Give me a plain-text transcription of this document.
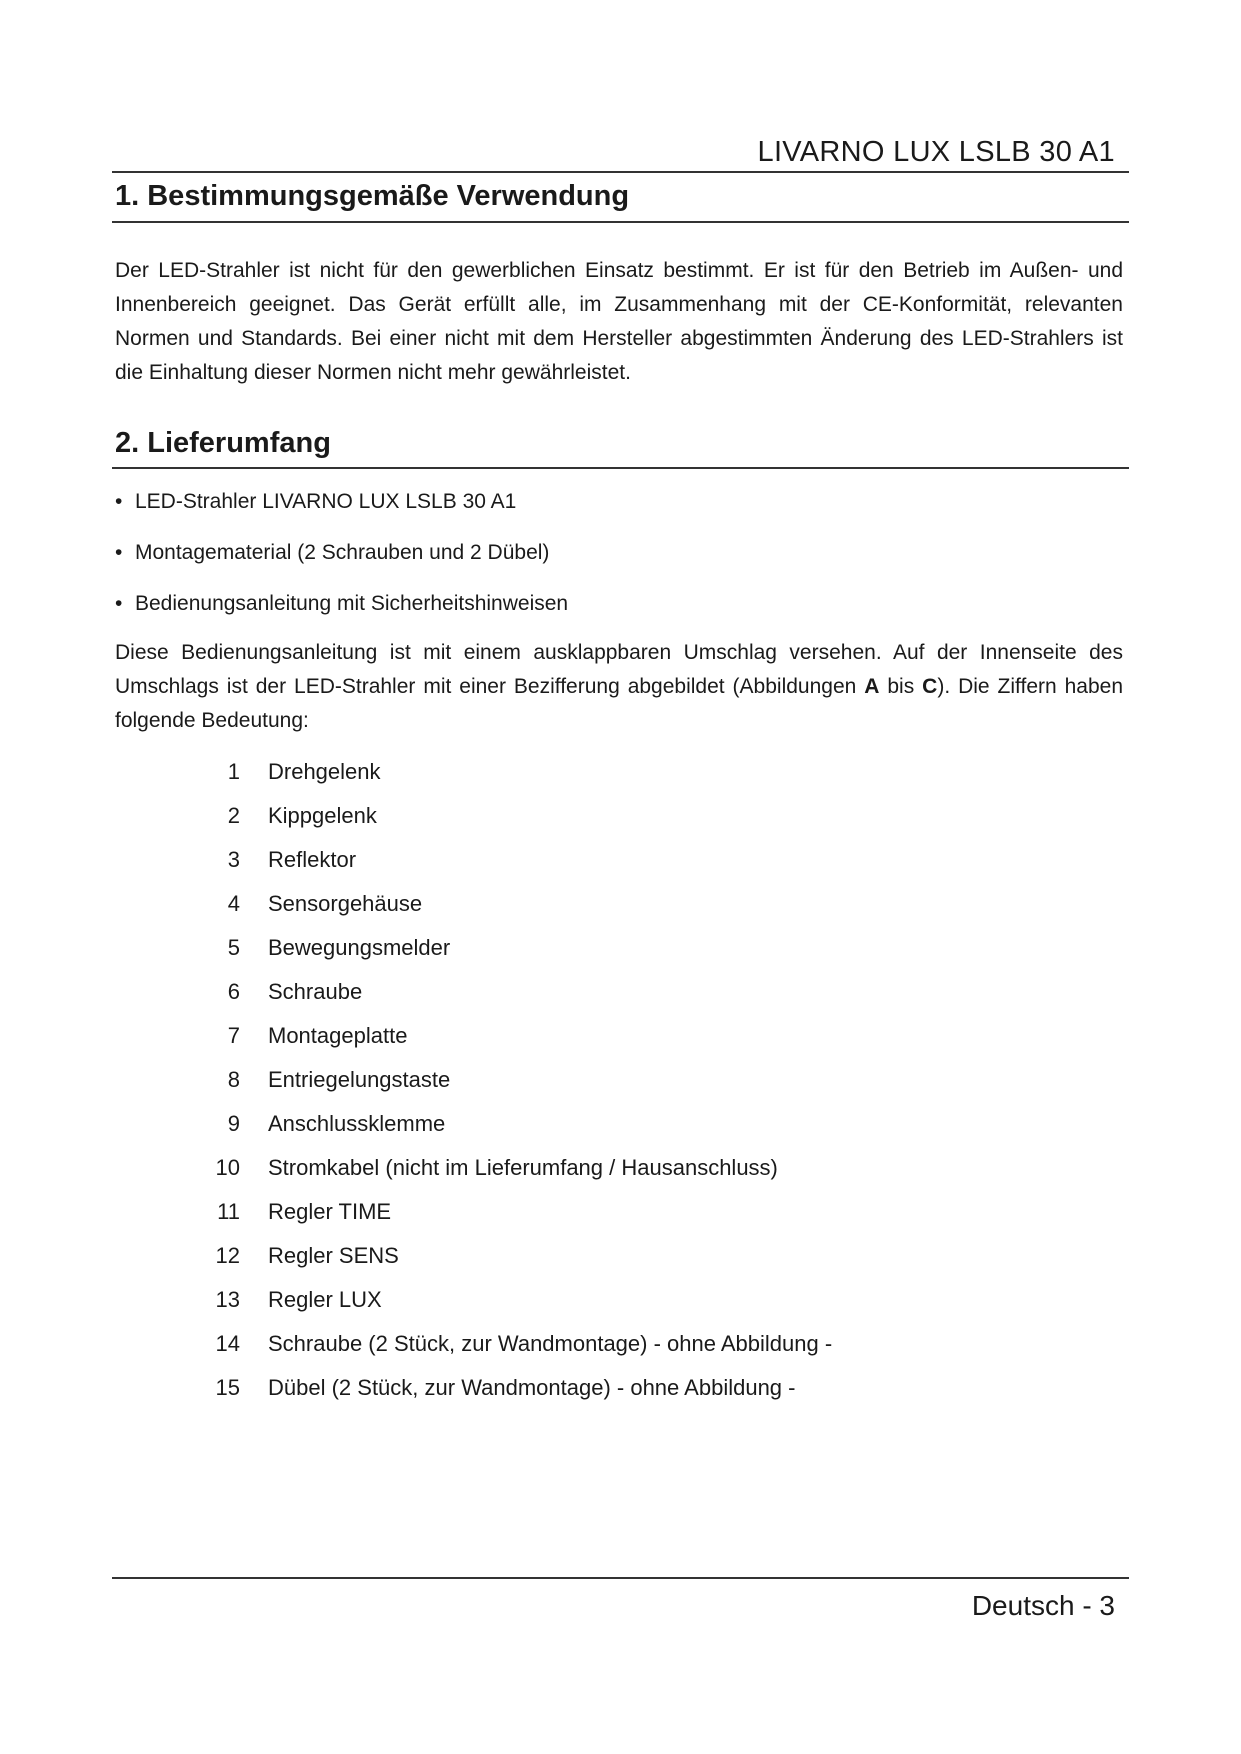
LIVARNO LUX LSLB 30 A1
1. Bestimmungsgemäße Verwendung

Der LED-Strahler ist nicht für den gewerblichen Einsatz bestimmt. Er ist für den Betrieb im Außen- und Innenbereich geeignet. Das Gerät erfüllt alle, im Zusammenhang mit der CE-Konformität, relevanten Normen und Standards. Bei einer nicht mit dem Hersteller abgestimmten Änderung des LED-Strahlers ist die Einhaltung dieser Normen nicht mehr gewährleistet.

2. Lieferumfang
• LED-Strahler LIVARNO LUX LSLB 30 A1
• Montagematerial (2 Schrauben und 2 Dübel)
• Bedienungsanleitung mit Sicherheitshinweisen

Diese Bedienungsanleitung ist mit einem ausklappbaren Umschlag versehen. Auf der Innenseite des Umschlags ist der LED-Strahler mit einer Bezifferung abgebildet (Abbildungen A bis C). Die Ziffern haben folgende Bedeutung:

1 Drehgelenk
2 Kippgelenk
3 Reflektor
4 Sensorgehäuse
5 Bewegungsmelder
6 Schraube
7 Montageplatte
8 Entriegelungstaste
9 Anschlussklemme
10 Stromkabel (nicht im Lieferumfang / Hausanschluss)
11 Regler TIME
12 Regler SENS
13 Regler LUX
14 Schraube (2 Stück, zur Wandmontage) - ohne Abbildung -
15 Dübel (2 Stück, zur Wandmontage) - ohne Abbildung -
Deutsch - 3
